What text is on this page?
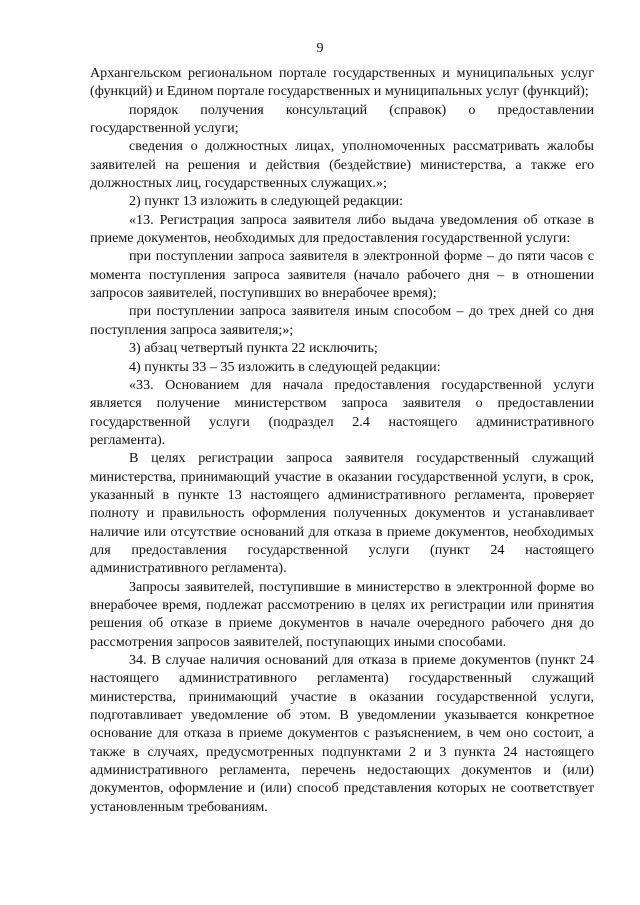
9

Архангельском региональном портале государственных и муниципальных услуг (функций) и Едином портале государственных и муниципальных услуг (функций);

порядок получения консультаций (справок) о предоставлении государственной услуги;

сведения о должностных лицах, уполномоченных рассматривать жалобы заявителей на решения и действия (бездействие) министерства, а также его должностных лиц, государственных служащих.»;

2) пункт 13 изложить в следующей редакции:

«13. Регистрация запроса заявителя либо выдача уведомления об отказе в приеме документов, необходимых для предоставления государственной услуги:

при поступлении запроса заявителя в электронной форме – до пяти часов с момента поступления запроса заявителя (начало рабочего дня – в отношении запросов заявителей, поступивших во внерабочее время);

при поступлении запроса заявителя иным способом – до трех дней со дня поступления запроса заявителя;»;

3) абзац четвертый пункта 22 исключить;

4) пункты 33 – 35 изложить в следующей редакции:

«33. Основанием для начала предоставления государственной услуги является получение министерством запроса заявителя о предоставлении государственной услуги (подраздел 2.4 настоящего административного регламента).

В целях регистрации запроса заявителя государственный служащий министерства, принимающий участие в оказании государственной услуги, в срок, указанный в пункте 13 настоящего административного регламента, проверяет полноту и правильность оформления полученных документов и устанавливает наличие или отсутствие оснований для отказа в приеме документов, необходимых для предоставления государственной услуги (пункт 24 настоящего административного регламента).

Запросы заявителей, поступившие в министерство в электронной форме во внерабочее время, подлежат рассмотрению в целях их регистрации или принятия решения об отказе в приеме документов в начале очередного рабочего дня до рассмотрения запросов заявителей, поступающих иными способами.

34. В случае наличия оснований для отказа в приеме документов (пункт 24 настоящего административного регламента) государственный служащий министерства, принимающий участие в оказании государственной услуги, подготавливает уведомление об этом. В уведомлении указывается конкретное основание для отказа в приеме документов с разъяснением, в чем оно состоит, а также в случаях, предусмотренных подпунктами 2 и 3 пункта 24 настоящего административного регламента, перечень недостающих документов и (или) документов, оформление и (или) способ представления которых не соответствует установленным требованиям.
